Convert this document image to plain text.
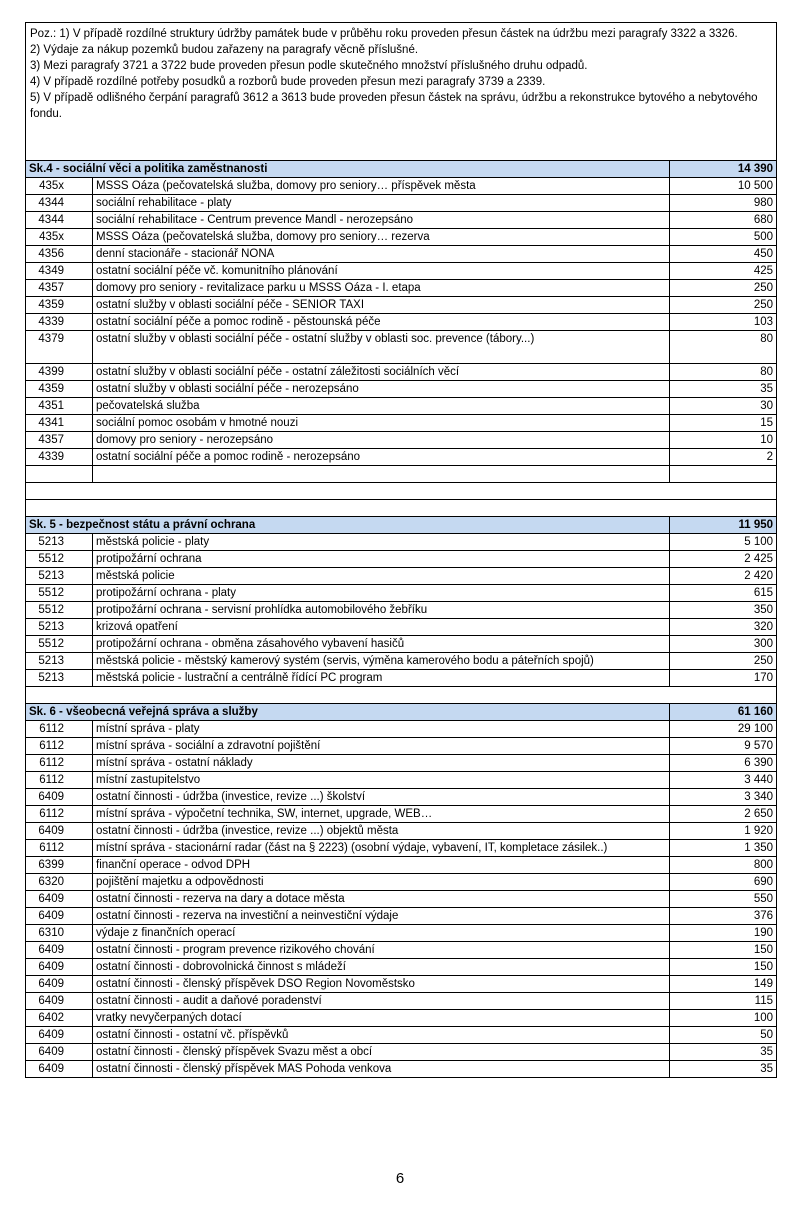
Poz.: 1) V případě rozdílné struktury údržby památek bude v průběhu roku proveden přesun částek na údržbu mezi paragrafy 3322 a 3326.
2) Výdaje za nákup pozemků budou zařazeny na paragrafy věcně příslušné.
3) Mezi paragrafy 3721 a 3722 bude proveden přesun podle skutečného množství příslušného druhu odpadů.
4) V případě rozdílné potřeby posudků a rozborů bude proveden přesun mezi paragrafy 3739 a 2339.
5) V případě odlišného čerpání paragrafů 3612 a 3613 bude proveden přesun částek na správu, údržbu a rekonstrukce bytového a nebytového fondu.		

Sk.4 - sociální věci a politika zaměstnanosti		14 390
435x	MSSS Oáza (pečovatelská služba, domovy pro seniory… příspěvek města	10 500
4344	sociální rehabilitace - platy	980
4344	sociální rehabilitace - Centrum prevence Mandl - nerozepsáno	680
435x	MSSS Oáza (pečovatelská služba, domovy pro seniory… rezerva	500
4356	denní stacionáře - stacionář NONA	450
4349	ostatní sociální péče vč. komunitního plánování	425
4357	domovy pro seniory - revitalizace parku u MSSS Oáza - I. etapa	250
4359	ostatní služby v oblasti sociální péče - SENIOR TAXI	250
4339	ostatní sociální péče a pomoc rodině - pěstounská péče	103
4379	ostatní služby v oblasti sociální péče - ostatní služby v oblasti soc. prevence (tábory...)	80
4399	ostatní služby v oblasti sociální péče - ostatní záležitosti sociálních věcí	80
4359	ostatní služby v oblasti sociální péče - nerozepsáno	35
4351	pečovatelská služba	30
4341	sociální pomoc osobám v hmotné nouzi	15
4357	domovy pro seniory - nerozepsáno	10
4339	ostatní sociální péče a pomoc rodině - nerozepsáno	2

Sk. 5 - bezpečnost státu a právní ochrana		11 950
5213	městská policie - platy	5 100
5512	protipožární ochrana	2 425
5213	městská policie	2 420
5512	protipožární ochrana - platy	615
5512	protipožární ochrana - servisní prohlídka automobilového žebříku	350
5213	krizová opatření	320
5512	protipožární ochrana - obměna zásahového vybavení hasičů	300
5213	městská policie - městský kamerový systém (servis, výměna kamerového bodu a páteřních spojů)	250
5213	městská policie - lustrační a centrálně řídící PC program	170

Sk. 6 - všeobecná veřejná správa a služby		61 160
6112	místní správa - platy	29 100
6112	místní správa - sociální a zdravotní pojištění	9 570
6112	místní správa - ostatní náklady	6 390
6112	místní zastupitelstvo	3 440
6409	ostatní činnosti - údržba (investice, revize ...) školství	3 340
6112	místní správa - výpočetní technika, SW, internet, upgrade, WEB…	2 650
6409	ostatní činnosti - údržba (investice, revize ...) objektů města	1 920
6112	místní správa - stacionární radar (část na § 2223) (osobní výdaje, vybavení, IT, kompletace zásilek..)	1 350
6399	finanční operace - odvod DPH	800
6320	pojištění majetku a odpovědnosti	690
6409	ostatní činnosti - rezerva na dary a dotace města	550
6409	ostatní činnosti - rezerva na investiční a neinvestiční výdaje	376
6310	výdaje z finančních operací	190
6409	ostatní činnosti - program prevence rizikového chování	150
6409	ostatní činnosti - dobrovolnická činnost s mládeží	150
6409	ostatní činnosti - členský příspěvek DSO Region Novoměstsko	149
6409	ostatní činnosti - audit a daňové poradenství	115
6402	vratky nevyčerpaných dotací	100
6409	ostatní činnosti - ostatní vč. příspěvků	50
6409	ostatní činnosti - členský příspěvek Svazu měst a obcí	35
6409	ostatní činnosti - členský příspěvek MAS Pohoda venkova	35
6
